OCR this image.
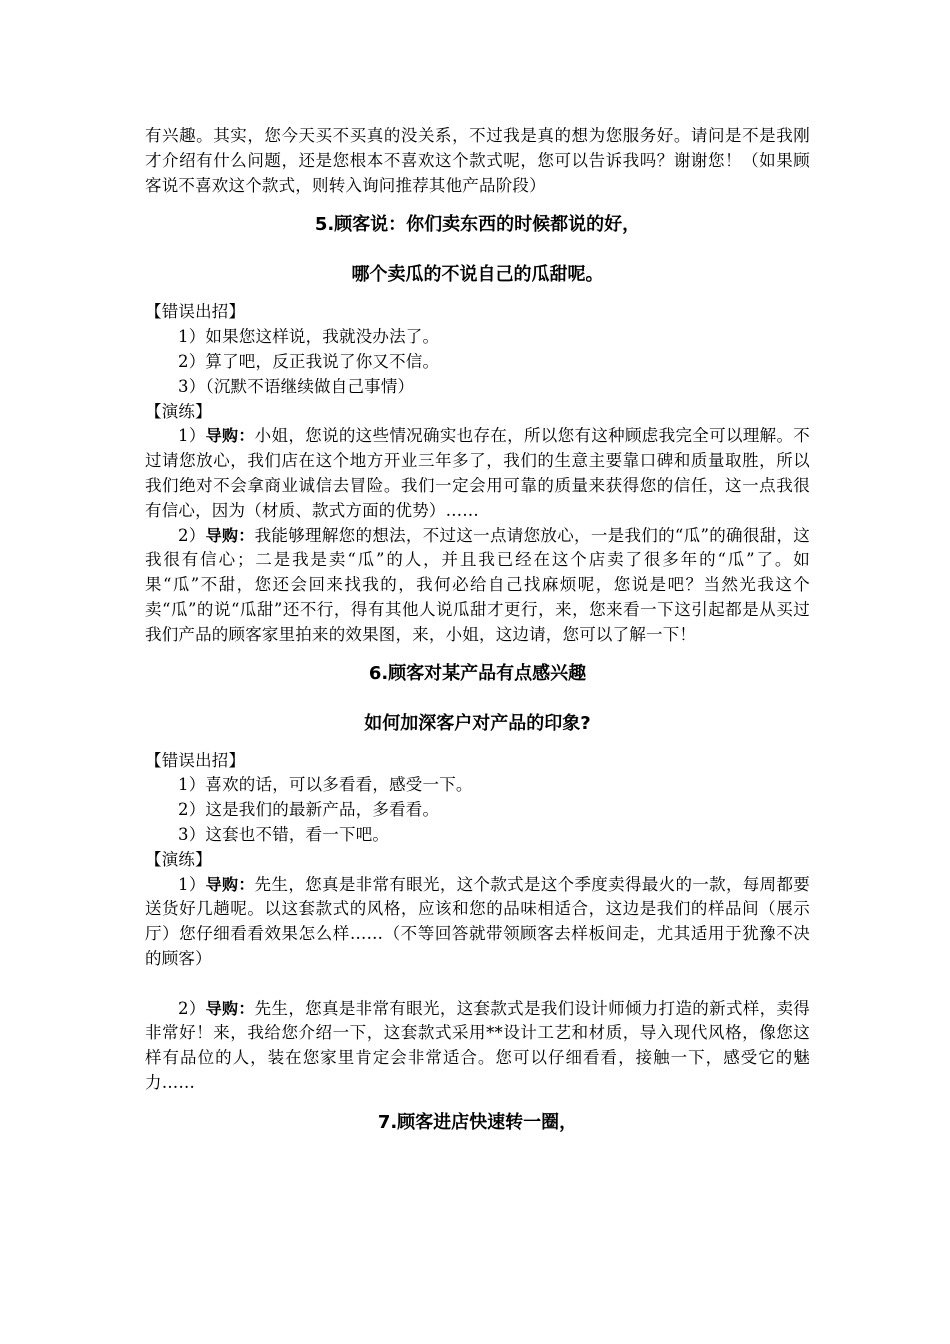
有兴趣。其实，您今天买不买真的没关系，不过我是真的想为您服务好。请问是不是我刚才介绍有什么问题，还是您根本不喜欢这个款式呢，您可以告诉我吗？谢谢您！（如果顾客说不喜欢这个款式，则转入询问推荐其他产品阶段）

5.顾客说：你们卖东西的时候都说的好，

哪个卖瓜的不说自己的瓜甜呢。

【错误出招】

1）如果您这样说，我就没办法了。

2）算了吧，反正我说了你又不信。

3）（沉默不语继续做自己事情）

【演练】

1）导购：小姐，您说的这些情况确实也存在，所以您有这种顾虑我完全可以理解。不过请您放心，我们店在这个地方开业三年多了，我们的生意主要靠口碑和质量取胜，所以我们绝对不会拿商业诚信去冒险。我们一定会用可靠的质量来获得您的信任，这一点我很有信心，因为（材质、款式方面的优势）……

2）导购：我能够理解您的想法，不过这一点请您放心，一是我们的“瓜”的确很甜，这我很有信心；二是我是卖“瓜”的人，并且我已经在这个店卖了很多年的“瓜”了。如果“瓜”不甜，您还会回来找我的，我何必给自己找麻烦呢，您说是吧？当然光我这个卖“瓜”的说“瓜甜”还不行，得有其他人说瓜甜才更行，来，您来看一下这引起都是从买过我们产品的顾客家里拍来的效果图，来，小姐，这边请，您可以了解一下！

6.顾客对某产品有点感兴趣

如何加深客户对产品的印象?

【错误出招】

1）喜欢的话，可以多看看，感受一下。

2）这是我们的最新产品，多看看。

3）这套也不错，看一下吧。

【演练】

1）导购：先生，您真是非常有眼光，这个款式是这个季度卖得最火的一款，每周都要送货好几趟呢。以这套款式的风格，应该和您的品味相适合，这边是我们的样品间（展示厅）您仔细看看效果怎么样……（不等回答就带领顾客去样板间走，尤其适用于犹豫不决的顾客）

2）导购：先生，您真是非常有眼光，这套款式是我们设计师倾力打造的新式样，卖得非常好！来，我给您介绍一下，这套款式采用**设计工艺和材质，导入现代风格，像您这样有品位的人，装在您家里肯定会非常适合。您可以仔细看看，接触一下，感受它的魅力……

7.顾客进店快速转一圈，
